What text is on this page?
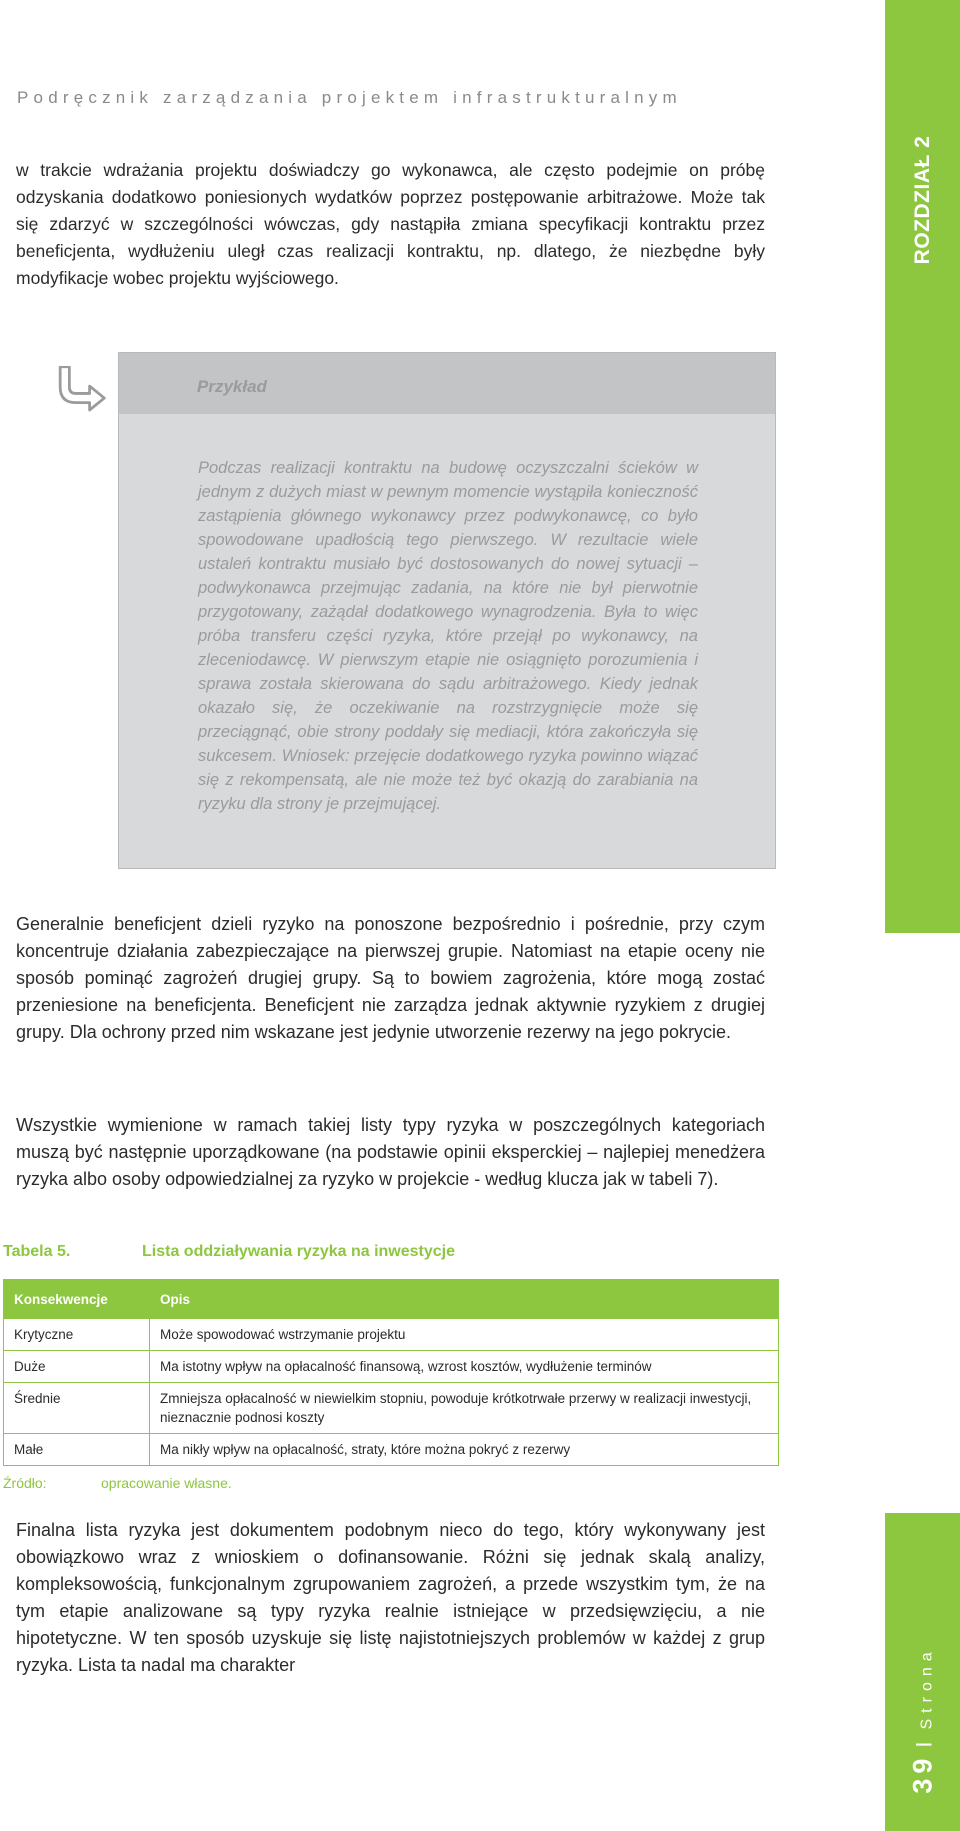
Podręcznik zarządzania projektem infrastrukturalnym
ROZDZIAŁ 2

w trakcie wdrażania projektu doświadczy go wykonawca, ale często podejmie on próbę odzyskania dodatkowo poniesionych wydatków poprzez postępowanie arbitrażowe. Może tak się zdarzyć w szczególności wówczas, gdy nastąpiła zmiana specyfikacji kontraktu przez beneficjenta, wydłużeniu uległ czas realizacji kontraktu, np. dlatego, że niezbędne były modyfikacje wobec projektu wyjściowego.

Przykład
Podczas realizacji kontraktu na budowę oczyszczalni ścieków w jednym z dużych miast w pewnym momencie wystąpiła konieczność zastąpienia głównego wykonawcy przez podwykonawcę, co było spowodowane upadłością tego pierwszego. W rezultacie wiele ustaleń kontraktu musiało być dostosowanych do nowej sytuacji – podwykonawca przejmując zadania, na które nie był pierwotnie przygotowany, zażądał dodatkowego wynagrodzenia. Była to więc próba transferu części ryzyka, które przejął po wykonawcy, na zleceniodawcę. W pierwszym etapie nie osiągnięto porozumienia i sprawa została skierowana do sądu arbitrażowego. Kiedy jednak okazało się, że oczekiwanie na rozstrzygnięcie może się przeciągnąć, obie strony poddały się mediacji, która zakończyła się sukcesem. Wniosek: przejęcie dodatkowego ryzyka powinno wiązać się z rekompensatą, ale nie może też być okazją do zarabiania na ryzyku dla strony je przejmującej.

Generalnie beneficjent dzieli ryzyko na ponoszone bezpośrednio i pośrednie, przy czym koncentruje działania zabezpieczające na pierwszej grupie. Natomiast na etapie oceny nie sposób pominąć zagrożeń drugiej grupy. Są to bowiem zagrożenia, które mogą zostać przeniesione na beneficjenta. Beneficjent nie zarządza jednak aktywnie ryzykiem z drugiej grupy. Dla ochrony przed nim wskazane jest jedynie utworzenie rezerwy na jego pokrycie.

Wszystkie wymienione w ramach takiej listy typy ryzyka w poszczególnych kategoriach muszą być następnie uporządkowane (na podstawie opinii eksperckiej – najlepiej menedżera ryzyka albo osoby odpowiedzialnej za ryzyko w projekcie - według klucza jak w tabeli 7).

Tabela 5.	Lista oddziaływania ryzyka na inwestycje
Konsekwencje	Opis
Krytyczne	Może spowodować wstrzymanie projektu
Duże	Ma istotny wpływ na opłacalność finansową, wzrost kosztów, wydłużenie terminów
Średnie	Zmniejsza opłacalność w niewielkim stopniu, powoduje krótkotrwałe przerwy w realizacji inwestycji, nieznacznie podnosi koszty
Małe	Ma nikły wpływ na opłacalność, straty, które można pokryć z rezerwy
Źródło:	opracowanie własne.

Finalna lista ryzyka jest dokumentem podobnym nieco do tego, który wykonywany jest obowiązkowo wraz z wnioskiem o dofinansowanie. Różni się jednak skalą analizy, kompleksowością, funkcjonalnym zgrupowaniem zagrożeń, a przede wszystkim tym, że na tym etapie analizowane są typy ryzyka realnie istniejące w przedsięwzięciu, a nie hipotetyczne. W ten sposób uzyskuje się listę najistotniejszych problemów w każdej z grup ryzyka. Lista ta nadal ma charakter

39IStrona
